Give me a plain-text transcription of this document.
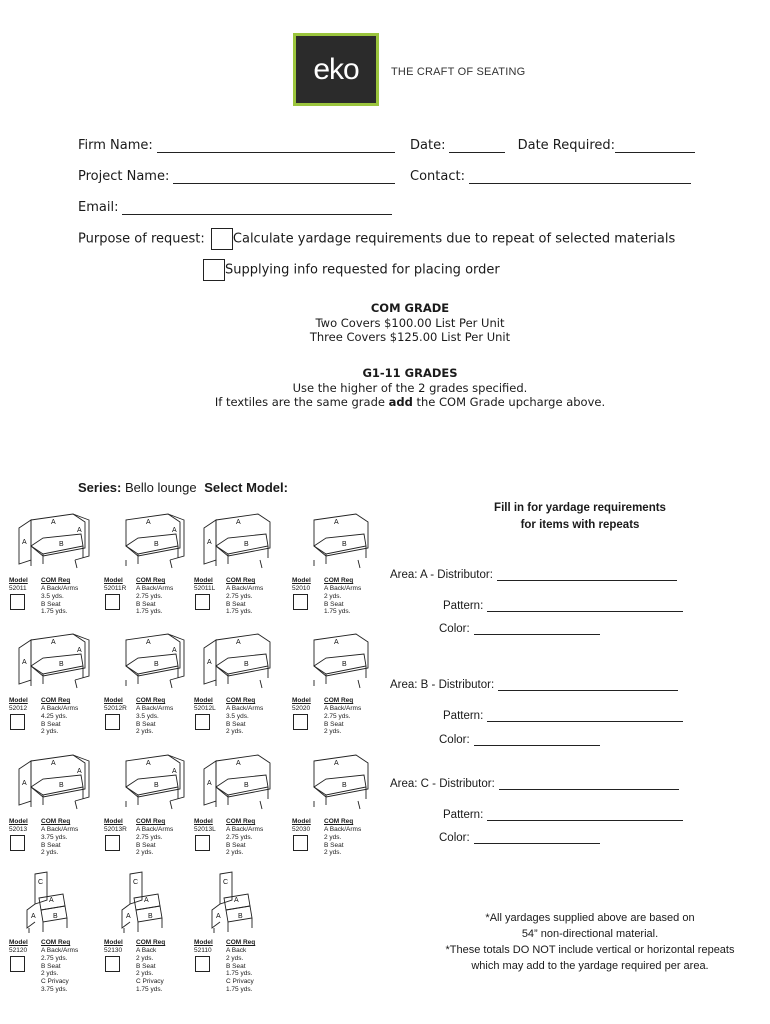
eko	THE CRAFT OF SEATING
Firm Name:	Date:	Date Required:
Project Name:	Contact:
Email:
Purpose of request: Calculate yardage requirements due to repeat of selected materials
Supplying info requested for placing order
COM GRADE
Two Covers $100.00 List Per Unit
Three Covers $125.00 List Per Unit
G1-11 GRADES
Use the higher of the 2 grades specified.
If textiles are the same grade add the COM Grade upcharge above.
Series: Bello lounge Select Model:
A
B
A
A
Model COM Req
52011 A Back/Arms
3.5 yds.
B Seat
1.75 yds.
A
B
A
Model COM Req
52011R A Back/Arms
2.75 yds.
B Seat
1.75 yds.
A
B
A
Model COM Req
52011L A Back/Arms
2.75 yds.
B Seat
1.75 yds.
A
B
Model COM Req
52010 A Back/Arms
2 yds.
B Seat
1.75 yds.
A
B
A
A
Model COM Req
52012 A Back/Arms
4.25 yds.
B Seat
2 yds.
A
B
A
Model COM Req
52012R A Back/Arms
3.5 yds.
B Seat
2 yds.
A
B
A
Model COM Req
52012L A Back/Arms
3.5 yds.
B Seat
2 yds.
A
B
Model COM Req
52020 A Back/Arms
2.75 yds.
B Seat
2 yds.
A
B
A
A
Model COM Req
52013 A Back/Arms
3.75 yds.
B Seat
2 yds.
A
B
A
Model COM Req
52013R A Back/Arms
2.75 yds.
B Seat
2 yds.
A
B
A
Model COM Req
52013L A Back/Arms
2.75 yds.
B Seat
2 yds.
A
B
Model COM Req
52030 A Back/Arms
2 yds.
B Seat
2 yds.
C
A
B
A
Model COM Req
52120 A Back/Arms
2.75 yds.
B Seat
2 yds.
C Privacy
3.75 yds.
C
A
B
A
Model COM Req
52130 A Back
2 yds.
B Seat
2 yds.
C Privacy
1.75 yds.
C
A
B
A
Model COM Req
52110 A Back
2 yds.
B Seat
1.75 yds.
C Privacy
1.75 yds.
Fill in for yardage requirements
for items with repeats
Area: A - Distributor:
Pattern:
Color:
Area: B - Distributor:
Pattern:
Color:
Area: C - Distributor:
Pattern:
Color:
*All yardages supplied above are based on
54” non-directional material.
*These totals DO NOT include vertical or horizontal repeats
which may add to the yardage required per area.
